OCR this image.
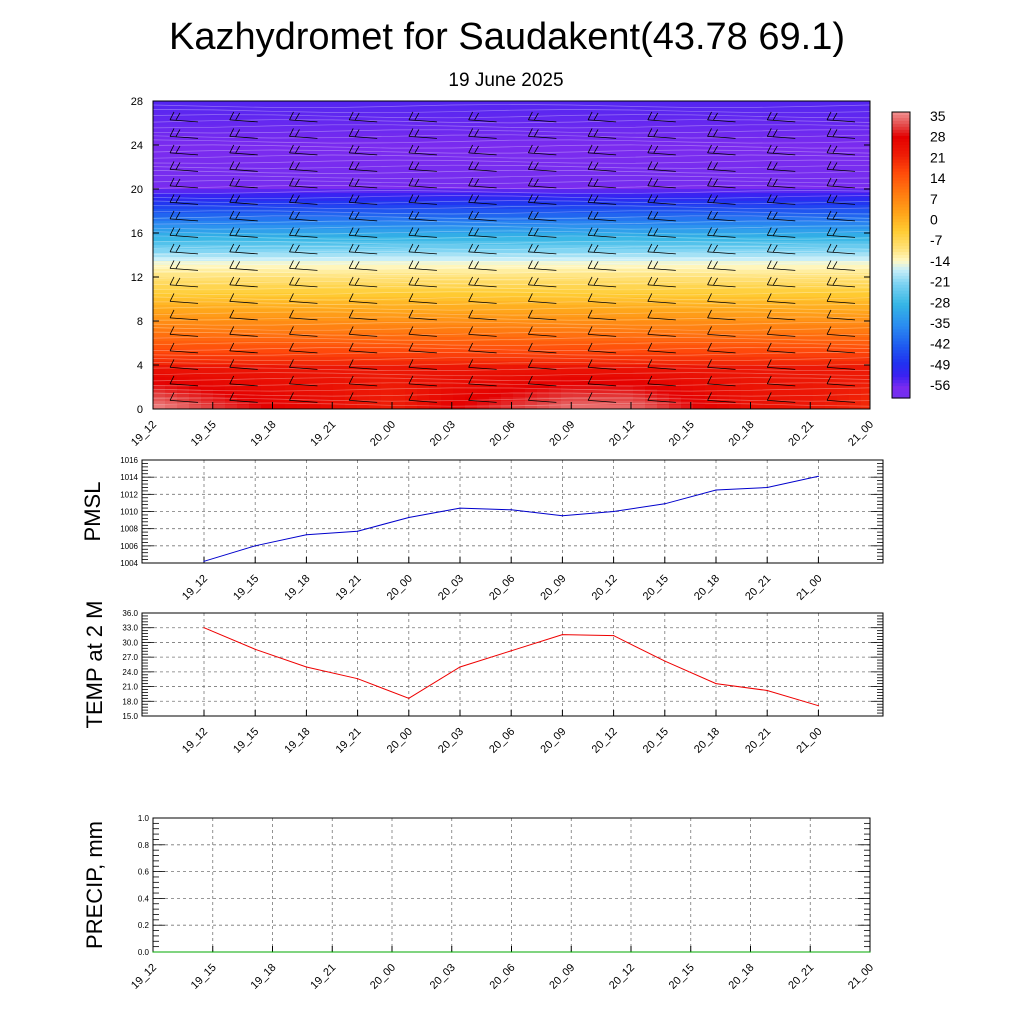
Kazhydromet for Saudakent(43.78 69.1)
19 June 2025
0
4
8
12
16
20
24
28
19_12	19_15	19_18	19_21	20_00	20_03	20_06	20_09	20_12	20_15	20_18	20_21	21_00
35
28
21
14
7
0
-7
-14
-21
-28
-35
-42
-49
-56
1004
1006
1008
1010
1012
1014
1016
19_12 19_15 19_18 19_21 20_00 20_03 20_06 20_09 20_12 20_15 20_18 20_21 21_00
PMSL
15.0
18.0
21.0
24.0
27.0
30.0
33.0
36.0
19_12 19_15 19_18 19_21 20_00 20_03 20_06 20_09 20_12 20_15 20_18 20_21 21_00
TEMP at 2 M
0.0
0.2
0.4
0.6
0.8
1.0
19_12	19_15	19_18	19_21	20_00	20_03	20_06	20_09	20_12	20_15	20_18	20_21	21_00
PRECIP, mm
